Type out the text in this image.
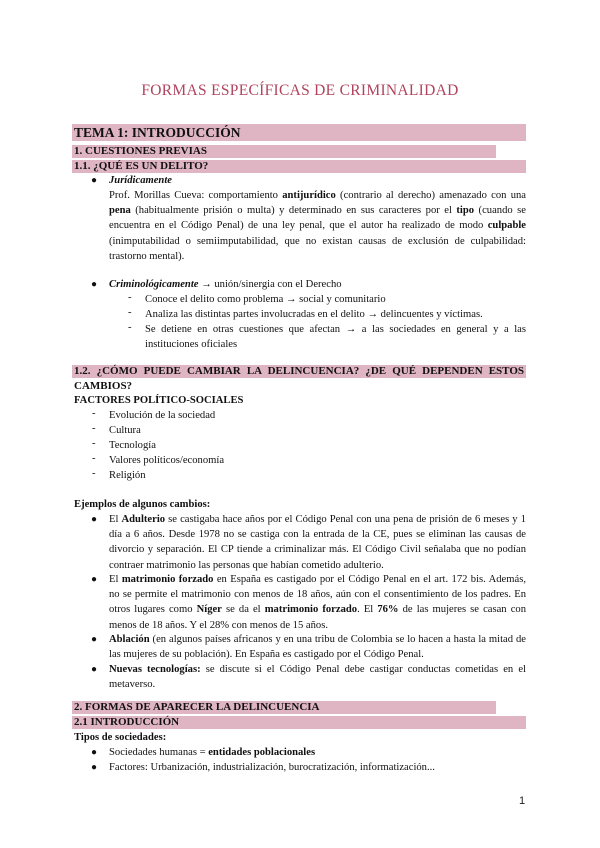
FORMAS ESPECÍFICAS DE CRIMINALIDAD
TEMA 1: INTRODUCCIÓN
1. CUESTIONES PREVIAS
1.1. ¿QUÉ ES UN DELITO?
● Jurídicamente
Prof. Morillas Cueva: comportamiento antijurídico (contrario al derecho) amenazado con una pena (habitualmente prisión o multa) y determinado en sus caracteres por el tipo (cuando se encuentra en el Código Penal) de una ley penal, que el autor ha realizado de modo culpable (inimputabilidad o semiimputabilidad, que no existan causas de exclusión de culpabilidad: trastorno mental).
● Criminológicamente → unión/sinergia con el Derecho
- Conoce el delito como problema → social y comunitario
- Analiza las distintas partes involucradas en el delito → delincuentes y víctimas.
- Se detiene en otras cuestiones que afectan → a las sociedades en general y a las instituciones oficiales
1.2. ¿CÓMO PUEDE CAMBIAR LA DELINCUENCIA? ¿DE QUÉ DEPENDEN ESTOS CAMBIOS?
FACTORES POLÍTICO-SOCIALES
- Evolución de la sociedad
- Cultura
- Tecnología
- Valores políticos/economía
- Religión
Ejemplos de algunos cambios:
● El Adulterio se castigaba hace años por el Código Penal con una pena de prisión de 6 meses y 1 día a 6 años. Desde 1978 no se castiga con la entrada de la CE, pues se eliminan las causas de divorcio y separación. El CP tiende a criminalizar más. El Código Civil señalaba que no podían contraer matrimonio las personas que habían cometido adulterio.
● El matrimonio forzado en España es castigado por el Código Penal en el art. 172 bis. Además, no se permite el matrimonio con menos de 18 años, aún con el consentimiento de los padres. En otros lugares como Níger se da el matrimonio forzado. El 76% de las mujeres se casan con menos de 18 años. Y el 28% con menos de 15 años.
● Ablación (en algunos países africanos y en una tribu de Colombia se lo hacen a hasta la mitad de las mujeres de su población). En España es castigado por el Código Penal.
● Nuevas tecnologías: se discute si el Código Penal debe castigar conductas cometidas en el metaverso.
2. FORMAS DE APARECER LA DELINCUENCIA
2.1 INTRODUCCIÓN
Tipos de sociedades:
● Sociedades humanas = entidades poblacionales
● Factores: Urbanización, industrialización, burocratización, informatización...
1
